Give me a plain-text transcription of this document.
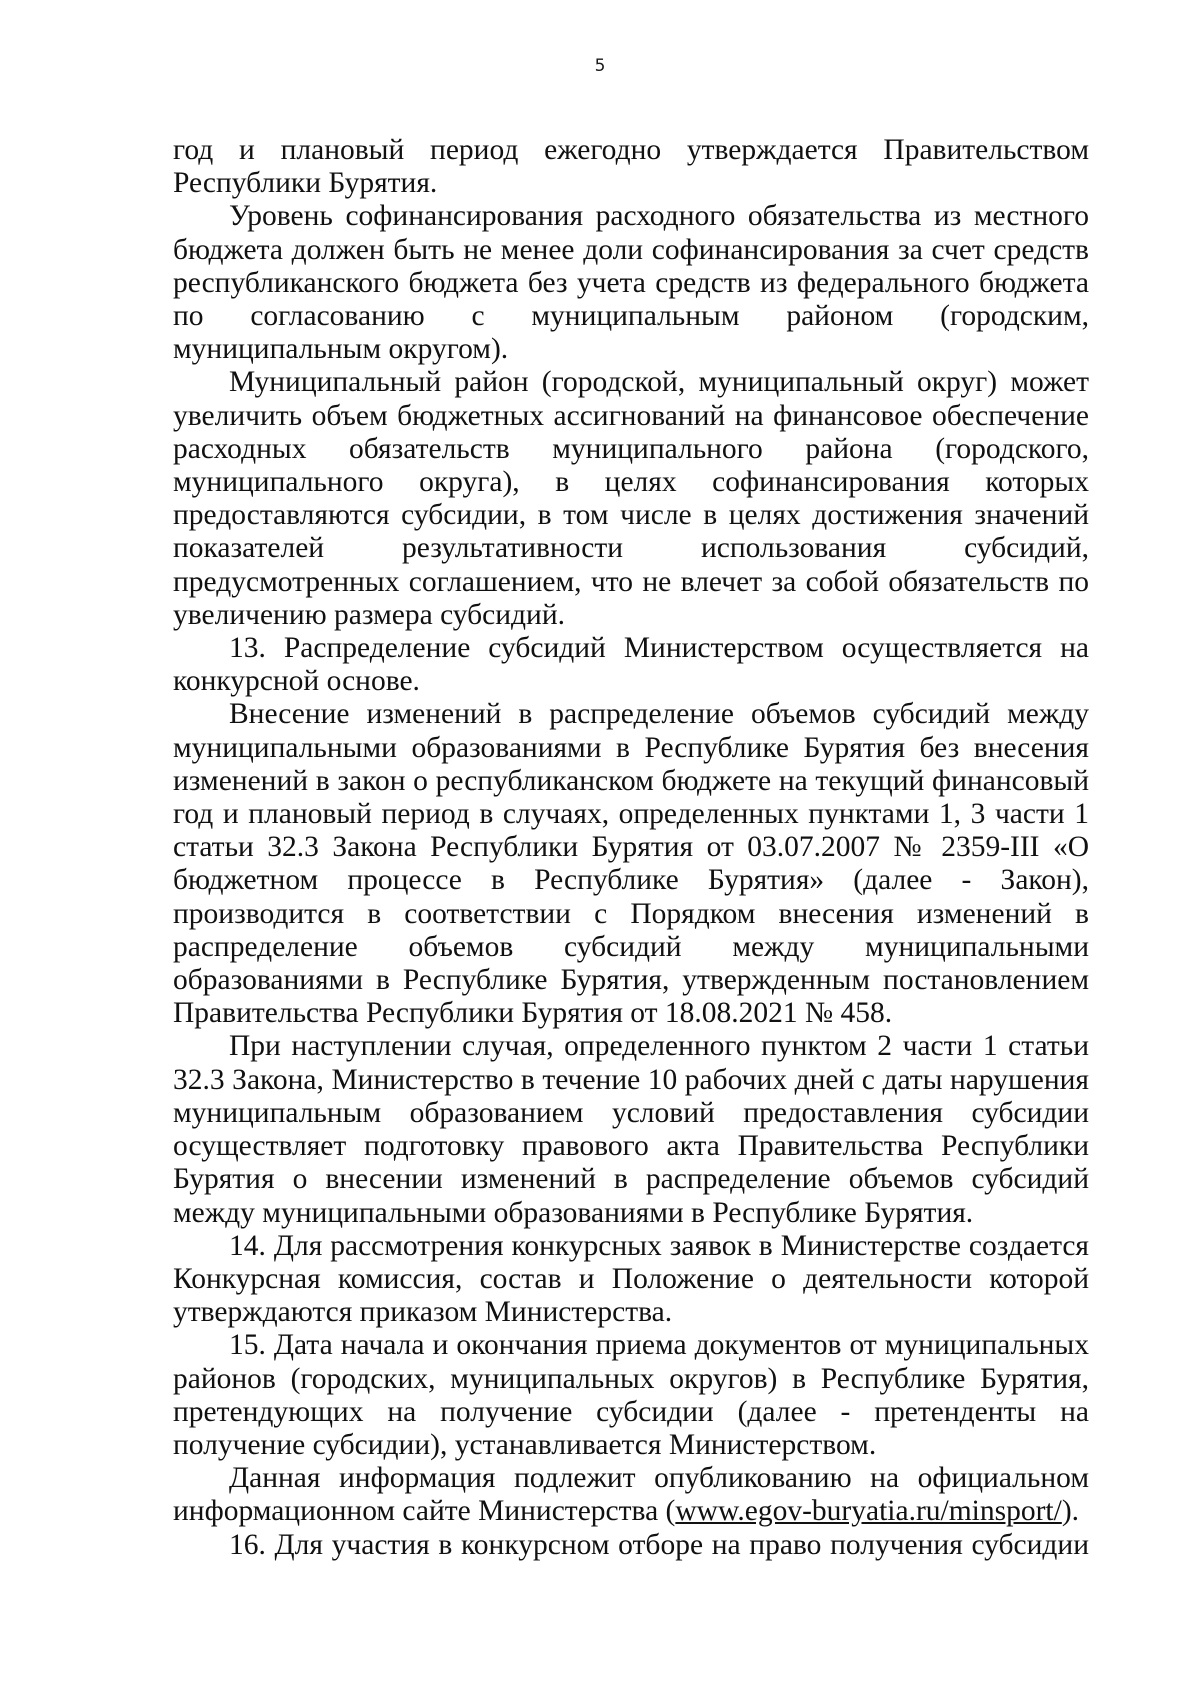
5

год и плановый период ежегодно утверждается Правительством Республики Бурятия.

Уровень софинансирования расходного обязательства из местного бюджета должен быть не менее доли софинансирования за счет средств республиканского бюджета без учета средств из федерального бюджета по согласованию с муниципальным районом (городским, муниципальным округом).

Муниципальный район (городской, муниципальный округ) может увеличить объем бюджетных ассигнований на финансовое обеспечение расходных обязательств муниципального района (городского, муниципального округа), в целях софинансирования которых предоставляются субсидии, в том числе в целях достижения значений показателей результативности использования субсидий, предусмотренных соглашением, что не влечет за собой обязательств по увеличению размера субсидий.

13. Распределение субсидий Министерством осуществляется на конкурсной основе.

Внесение изменений в распределение объемов субсидий между муниципальными образованиями в Республике Бурятия без внесения изменений в закон о республиканском бюджете на текущий финансовый год и плановый период в случаях, определенных пунктами 1, 3 части 1 статьи 32.3 Закона Республики Бурятия от 03.07.2007 № 2359-III «О бюджетном процессе в Республике Бурятия» (далее - Закон), производится в соответствии с Порядком внесения изменений в распределение объемов субсидий между муниципальными образованиями в Республике Бурятия, утвержденным постановлением Правительства Республики Бурятия от 18.08.2021 № 458.

При наступлении случая, определенного пунктом 2 части 1 статьи 32.3 Закона, Министерство в течение 10 рабочих дней с даты нарушения муниципальным образованием условий предоставления субсидии осуществляет подготовку правового акта Правительства Республики Бурятия о внесении изменений в распределение объемов субсидий между муниципальными образованиями в Республике Бурятия.

14. Для рассмотрения конкурсных заявок в Министерстве создается Конкурсная комиссия, состав и Положение о деятельности которой утверждаются приказом Министерства.

15. Дата начала и окончания приема документов от муниципальных районов (городских, муниципальных округов) в Республике Бурятия, претендующих на получение субсидии (далее - претенденты на получение субсидии), устанавливается Министерством.

Данная информация подлежит опубликованию на официальном информационном сайте Министерства (www.egov-buryatia.ru/minsport/).

16. Для участия в конкурсном отборе на право получения субсидии
